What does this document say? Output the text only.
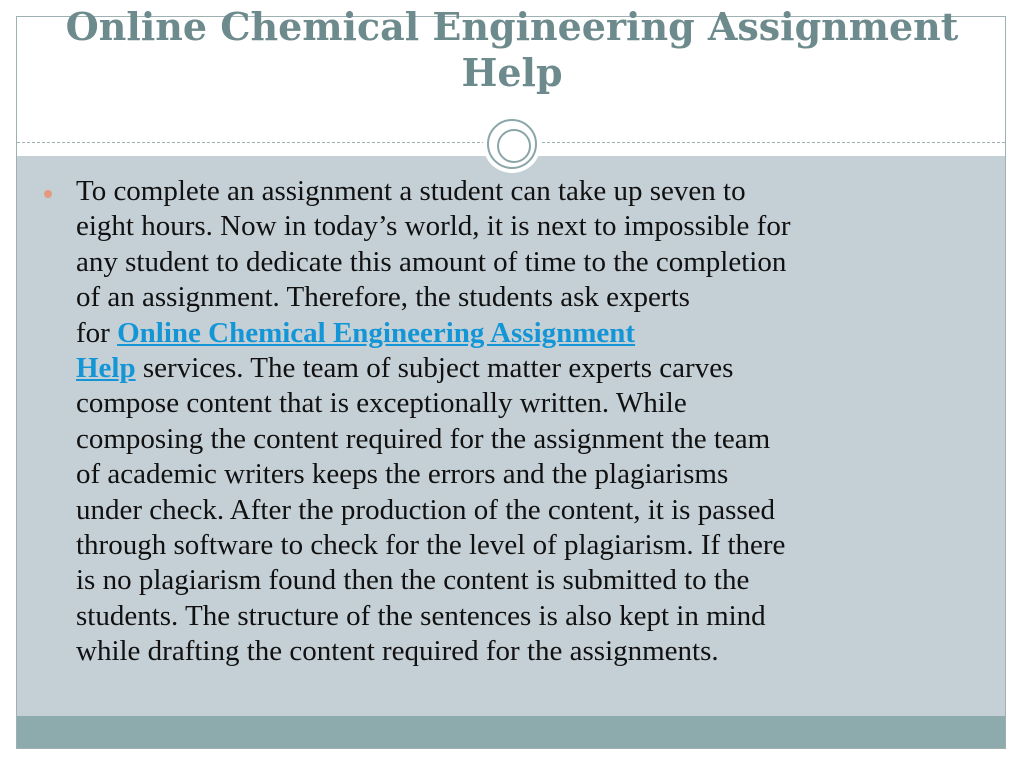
Online Chemical Engineering Assignment Help

To complete an assignment a student can take up seven to
eight hours. Now in today’s world, it is next to impossible for
any student to dedicate this amount of time to the completion
of an assignment. Therefore, the students ask experts
for Online Chemical Engineering Assignment
Help services. The team of subject matter experts carves
compose content that is exceptionally written. While
composing the content required for the assignment the team
of academic writers keeps the errors and the plagiarisms
under check. After the production of the content, it is passed
through software to check for the level of plagiarism. If there
is no plagiarism found then the content is submitted to the
students. The structure of the sentences is also kept in mind
while drafting the content required for the assignments.
